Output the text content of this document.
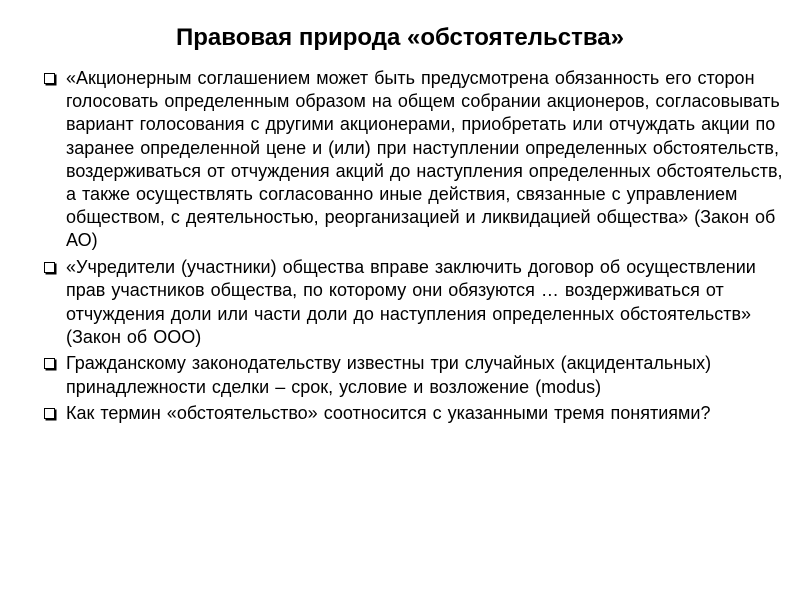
Правовая природа «обстоятельства»
«Акционерным соглашением может быть предусмотрена обязанность его сторон голосовать определенным образом на общем собрании акционеров, согласовывать вариант голосования с другими акционерами, приобретать или отчуждать акции по заранее определенной цене и (или) при наступлении определенных обстоятельств, воздерживаться от отчуждения акций до наступления определенных обстоятельств, а также осуществлять согласованно иные действия, связанные с управлением обществом, с деятельностью, реорганизацией и ликвидацией общества» (Закон об АО)
«Учредители (участники) общества вправе заключить договор об осуществлении прав участников общества, по которому они обязуются … воздерживаться от отчуждения доли или части доли до наступления определенных обстоятельств» (Закон об ООО)
Гражданскому законодательству известны три случайных (акцидентальных) принадлежности сделки – срок, условие и возложение (modus)
Как термин «обстоятельство» соотносится с указанными тремя понятиями?
